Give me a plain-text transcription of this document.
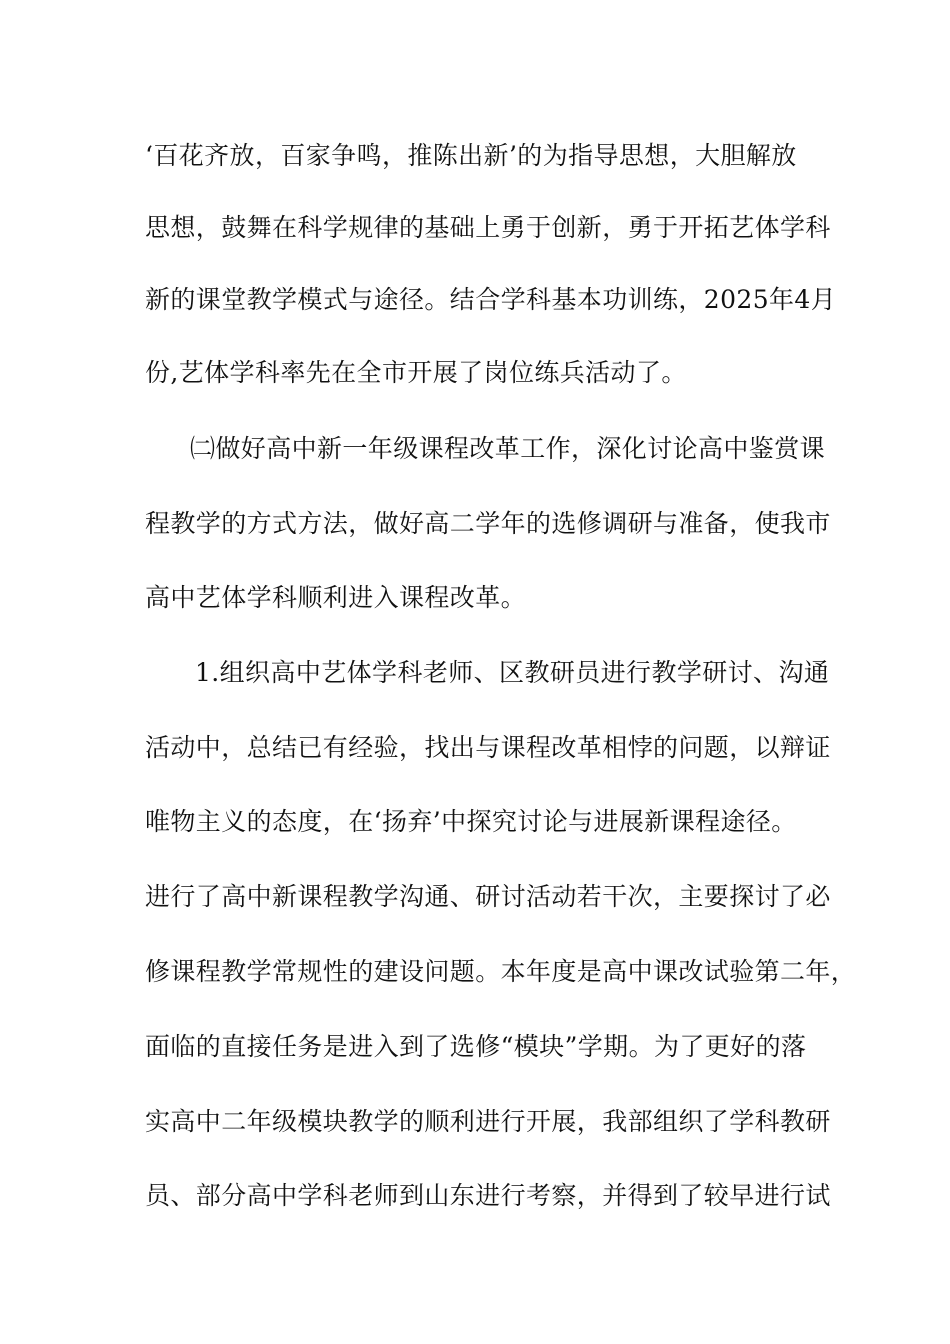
‘百花齐放，百家争鸣，推陈出新’的为指导思想，大胆解放
思想，鼓舞在科学规律的基础上勇于创新，勇于开拓艺体学科
新的课堂教学模式与途径。结合学科基本功训练，2025年4月
份,艺体学科率先在全市开展了岗位练兵活动了。
㈡做好高中新一年级课程改革工作，深化讨论高中鉴赏课
程教学的方式方法，做好高二学年的选修调研与准备，使我市
高中艺体学科顺利进入课程改革。
1.组织高中艺体学科老师、区教研员进行教学研讨、沟通
活动中，总结已有经验，找出与课程改革相悖的问题，以辩证
唯物主义的态度，在‘扬弃’中探究讨论与进展新课程途径。
进行了高中新课程教学沟通、研讨活动若干次，主要探讨了必
修课程教学常规性的建设问题。本年度是高中课改试验第二年，
面临的直接任务是进入到了选修“模块”学期。为了更好的落
实高中二年级模块教学的顺利进行开展，我部组织了学科教研
员、部分高中学科老师到山东进行考察，并得到了较早进行试
